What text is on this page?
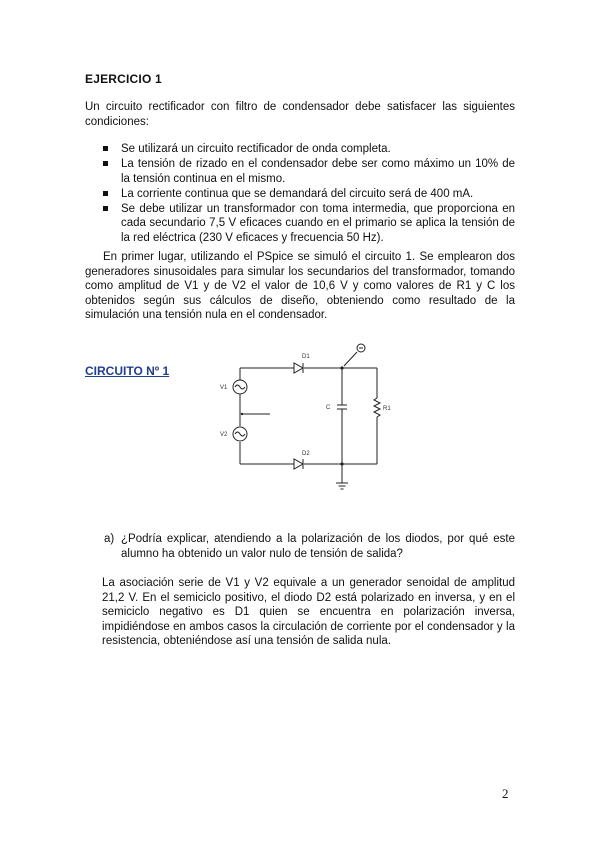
EJERCICIO 1
Un circuito rectificador con filtro de condensador debe satisfacer las siguientes condiciones:
Se utilizará un circuito rectificador de onda completa.
La tensión de rizado en el condensador debe ser como máximo un 10% de la tensión continua en el mismo.
La corriente continua que se demandará del circuito será de 400 mA.
Se debe utilizar un transformador con toma intermedia, que proporciona en cada secundario 7,5 V eficaces cuando en el primario se aplica la tensión de la red eléctrica (230 V eficaces y frecuencia 50 Hz).
En primer lugar, utilizando el PSpice se simuló el circuito 1. Se emplearon dos generadores sinusoidales para simular los secundarios del transformador, tomando como amplitud de V1 y de V2 el valor de 10,6 V y como valores de R1 y C los obtenidos según sus cálculos de diseño, obteniendo como resultado de la simulación una tensión nula en el condensador.
CIRCUITO Nº 1
V1
V2
D1
D2
C	R1
a) ¿Podría explicar, atendiendo a la polarización de los diodos, por qué este alumno ha obtenido un valor nulo de tensión de salida?
La asociación serie de V1 y V2 equivale a un generador senoidal de amplitud 21,2 V. En el semiciclo positivo, el diodo D2 está polarizado en inversa, y en el semiciclo negativo es D1 quien se encuentra en polarización inversa, impidiéndose en ambos casos la circulación de corriente por el condensador y la resistencia, obteniéndose así una tensión de salida nula.
2
